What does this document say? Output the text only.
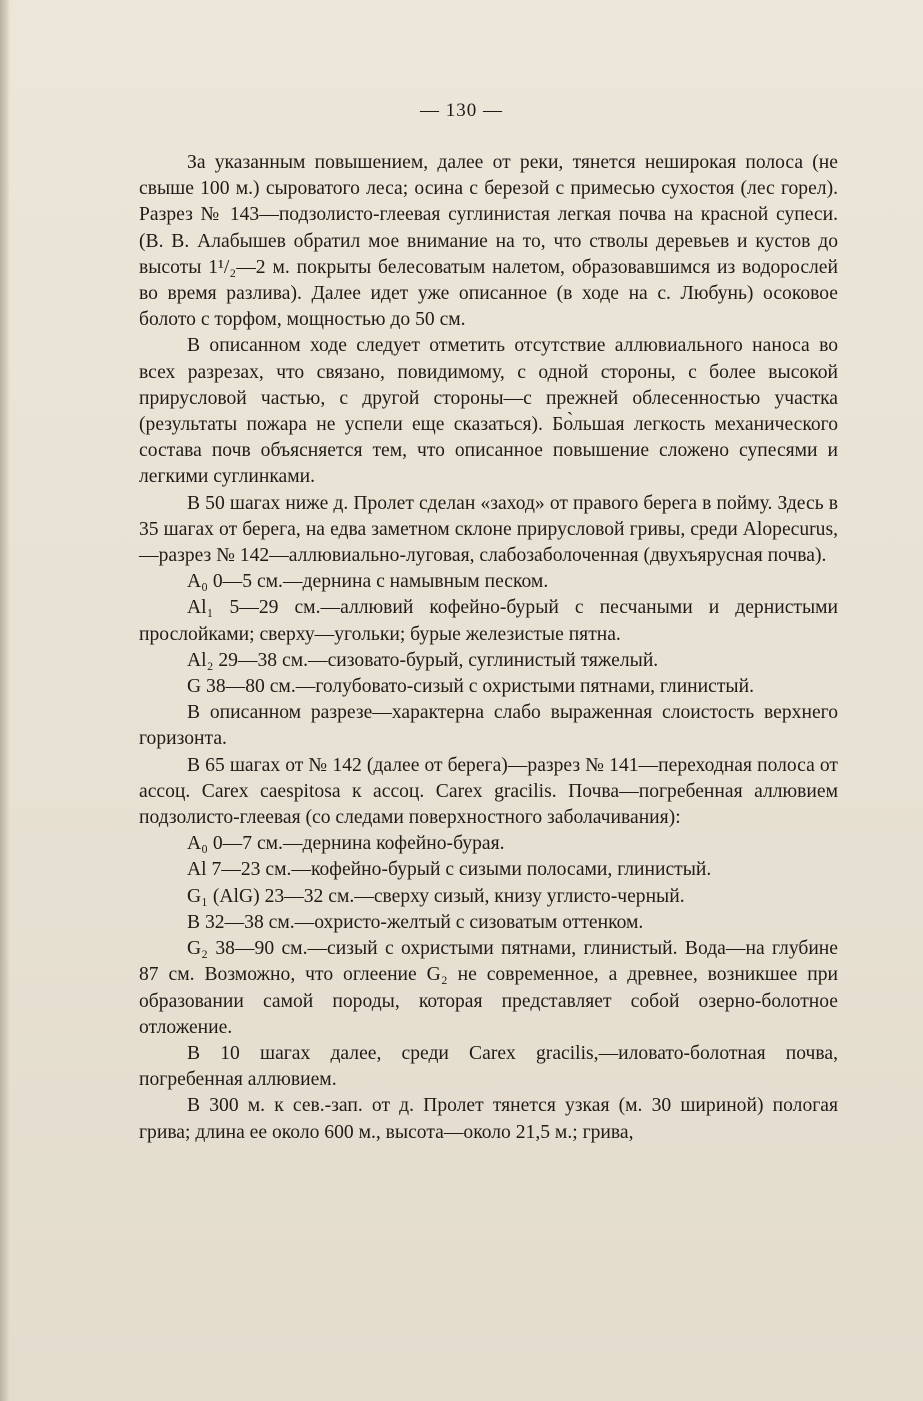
— 130 —

За указанным повышением, далее от реки, тянется неширокая полоса (не свыше 100 м.) сыроватого леса; осина с березой с примесью сухостоя (лес горел). Разрез № 143—подзолисто-глеевая суглинистая легкая почва на красной супеси. (В. В. Алабышев обратил мое внимание на то, что стволы деревьев и кустов до высоты 1¹/₂—2 м. покрыты белесоватым налетом, образовавшимся из водорослей во время разлива). Далее идет уже описанное (в ходе на с. Любунь) осоковое болото с торфом, мощностью до 50 см.

В описанном ходе следует отметить отсутствие аллювиального наноса во всех разрезах, что связано, повидимому, с одной стороны, с более высокой прирусловой частью, с другой стороны—с прежней облесенностью участка (результаты пожара не успели еще сказаться). Бо̀льшая легкость механического состава почв объясняется тем, что описанное повышение сложено супесями и легкими суглинками.

В 50 шагах ниже д. Пролет сделан «заход» от правого берега в пойму. Здесь в 35 шагах от берега, на едва заметном склоне прирусловой гривы, среди Alopecurus,—разрез № 142—аллювиально-луговая, слабозаболоченная (двухъярусная почва).

A₀ 0—5 см.—дернина с намывным песком.

Al₁ 5—29 см.—аллювий кофейно-бурый с песчаными и дернистыми прослойками; сверху—угольки; бурые железистые пятна.

Al₂ 29—38 см.—сизовато-бурый, суглинистый тяжелый.

G 38—80 см.—голубовато-сизый с охристыми пятнами, глинистый.

В описанном разрезе—характерна слабо выраженная слоистость верхнего горизонта.

В 65 шагах от № 142 (далее от берега)—разрез № 141—переходная полоса от ассоц. Carex caespitosa к ассоц. Carex gracilis. Почва—погребенная аллювием подзолисто-глеевая (со следами поверхностного заболачивания):

A₀ 0—7 см.—дернина кофейно-бурая.

Al 7—23 см.—кофейно-бурый с сизыми полосами, глинистый.

G₁ (AlG) 23—32 см.—сверху сизый, книзу углисто-черный.

B 32—38 см.—охристо-желтый с сизоватым оттенком.

G₂ 38—90 см.—сизый с охристыми пятнами, глинистый. Вода—на глубине 87 см. Возможно, что оглеение G₂ не современное, а древнее, возникшее при образовании самой породы, которая представляет собой озерно-болотное отложение.

В 10 шагах далее, среди Carex gracilis,—иловато-болотная почва, погребенная аллювием.

В 300 м. к сев.-зап. от д. Пролет тянется узкая (м. 30 шириной) пологая грива; длина ее около 600 м., высота—около 21,5 м.; грива,
